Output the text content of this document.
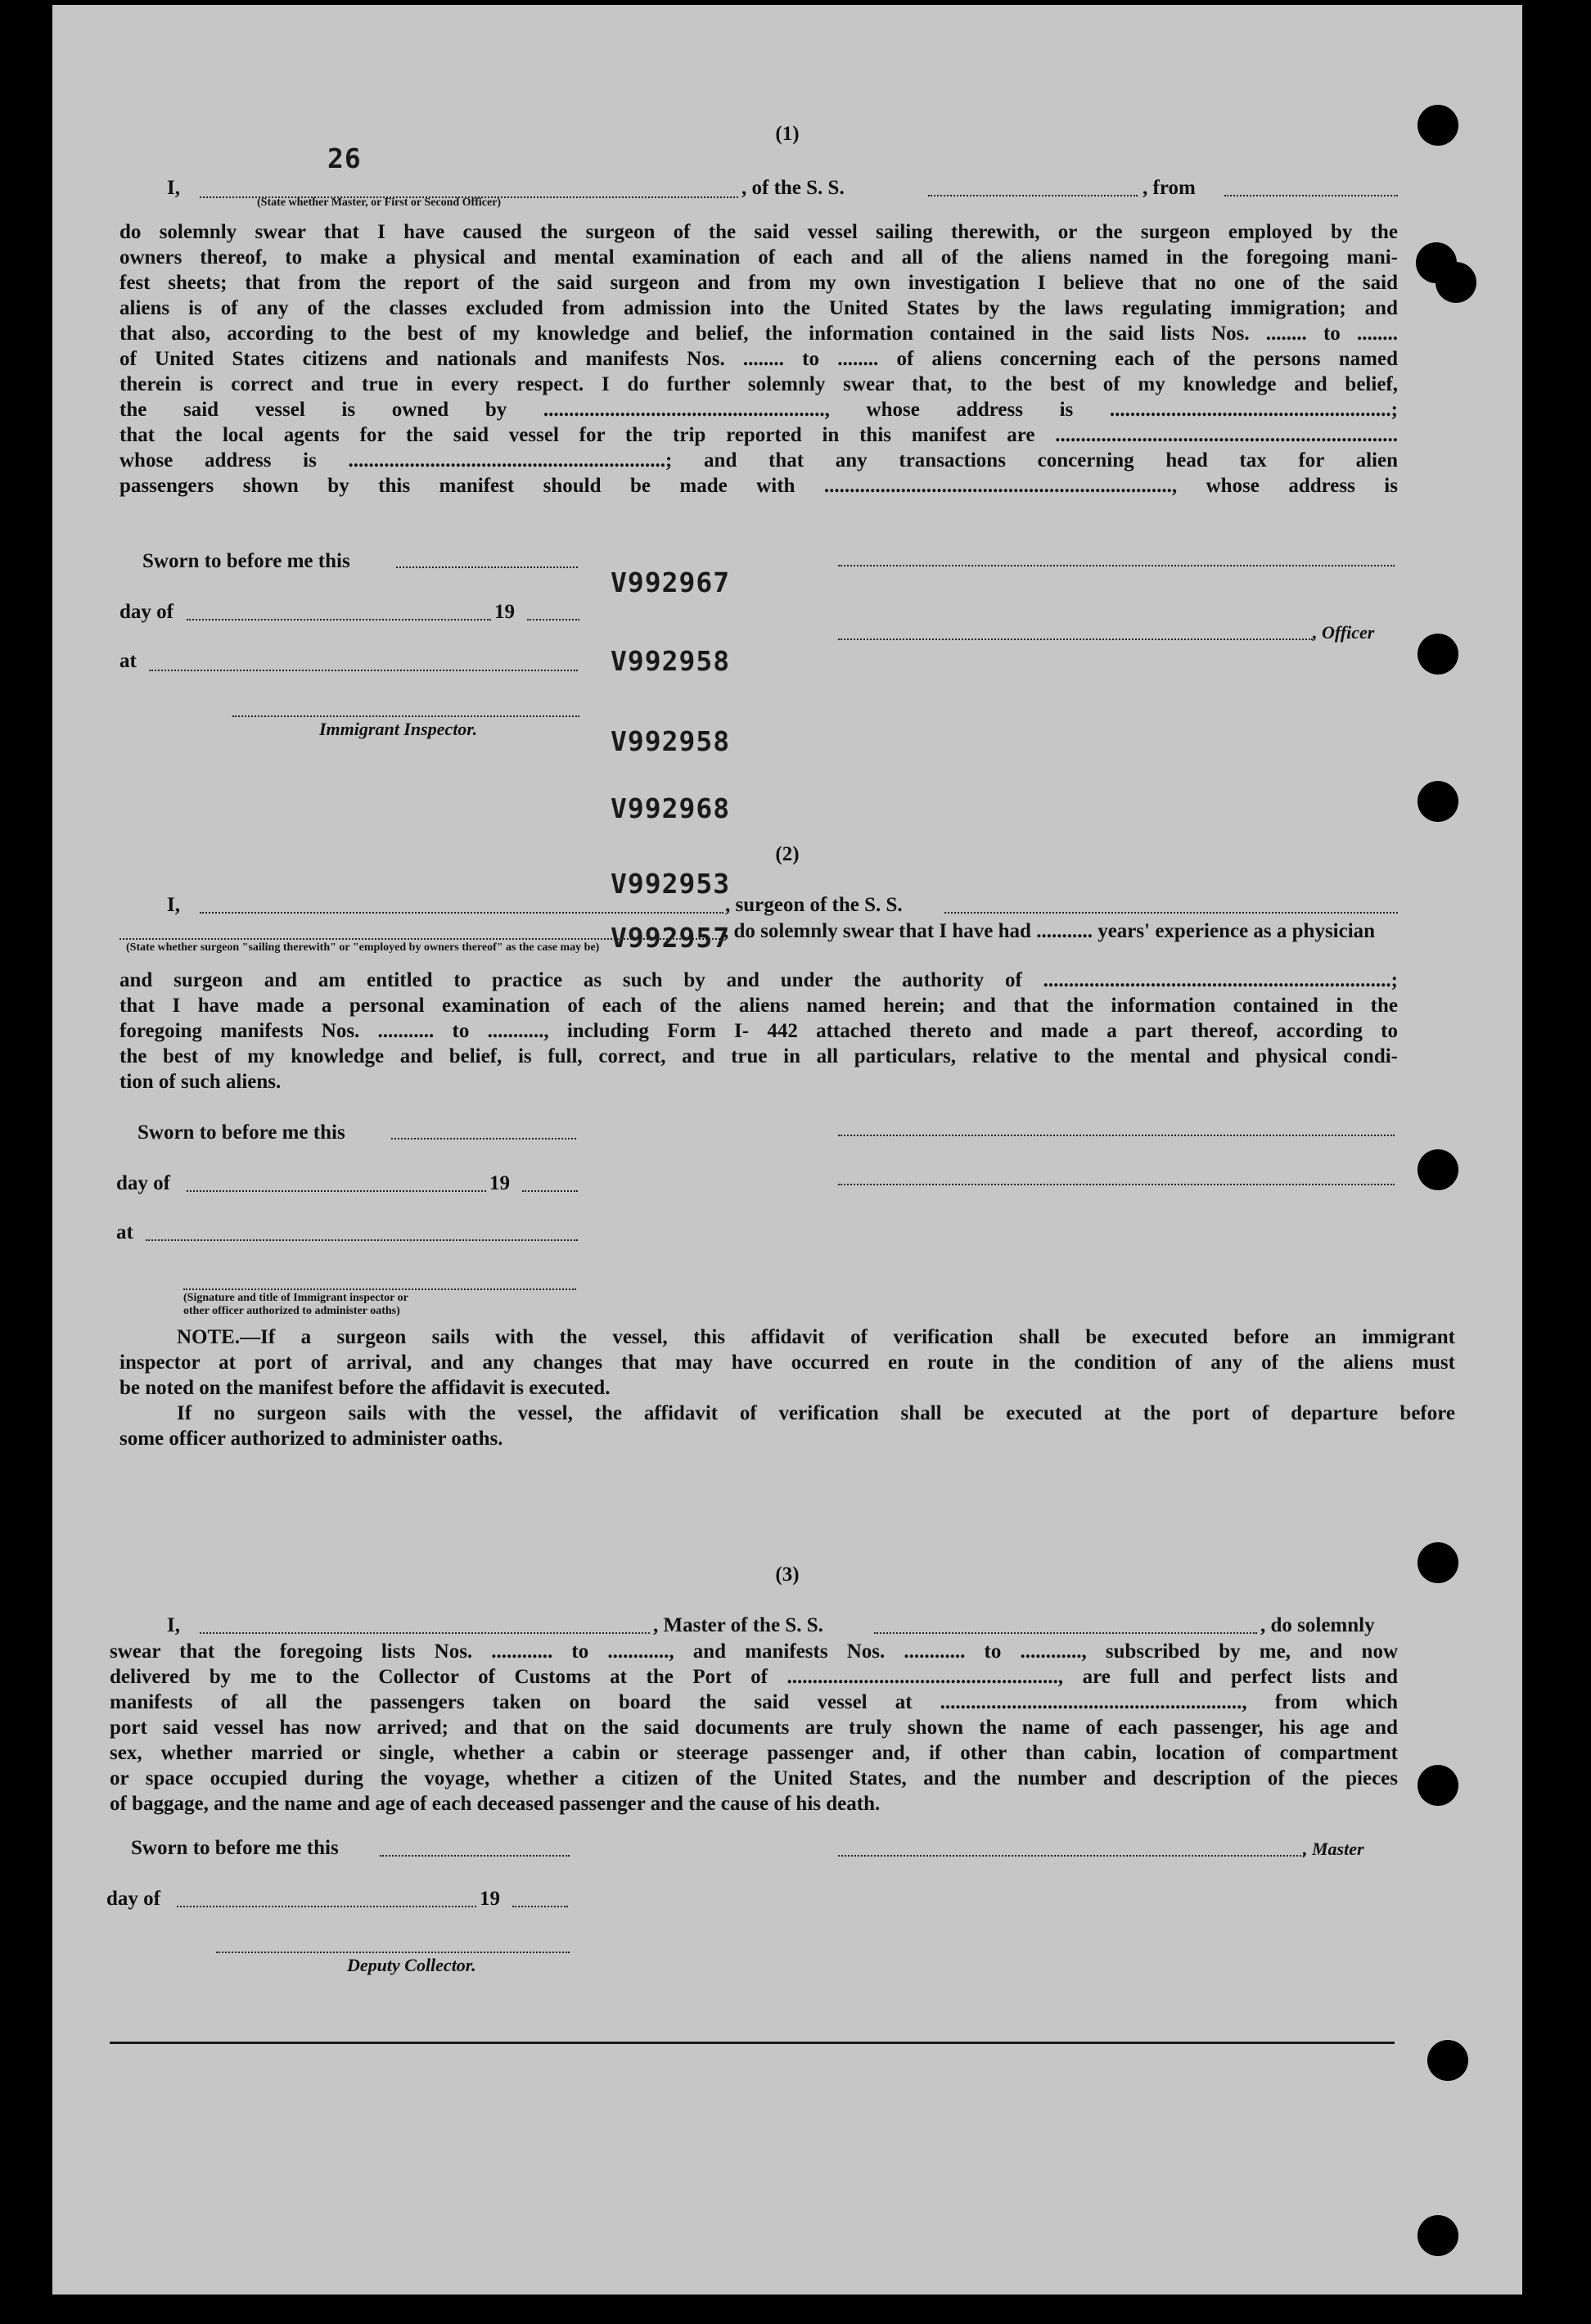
(1)
26
I,
(State whether Master, or First or Second Officer)
, of the S. S.	, from
do solemnly swear that I have caused the surgeon of the said vessel sailing therewith, or the surgeon employed by the
owners thereof, to make a physical and mental examination of each and all of the aliens named in the foregoing mani-
fest sheets; that from the report of the said surgeon and from my own investigation I believe that no one of the said
aliens is of any of the classes excluded from admission into the United States by the laws regulating immigration; and
that also, according to the best of my knowledge and belief, the information contained in the said lists Nos. ........ to ........
of United States citizens and nationals and manifests Nos. ........ to ........ of aliens concerning each of the persons named
therein is correct and true in every respect. I do further solemnly swear that, to the best of my knowledge and belief,
the said vessel is owned by ......................................................., whose address is .......................................................;
that the local agents for the said vessel for the trip reported in this manifest are ...................................................................
whose address is ..............................................................; and that any transactions concerning head tax for alien
passengers shown by this manifest should be made with ...................................................................., whose address is
Sworn to before me this
day of	19
at
Immigrant Inspector.
, Officer
V992967
V992958
V992958
V992968
V992953
V992957
(2)
I,	, surgeon of the S. S.
, do solemnly swear that I have had ........... years' experience as a physician
(State whether surgeon "sailing therewith" or "employed by owners thereof" as the case may be)
and surgeon and am entitled to practice as such by and under the authority of ....................................................................;
that I have made a personal examination of each of the aliens named herein; and that the information contained in the
foregoing manifests Nos. ........... to ..........., including Form I- 442 attached thereto and made a part thereof, according to
the best of my knowledge and belief, is full, correct, and true in all particulars, relative to the mental and physical condi-
tion of such aliens.
Sworn to before me this
day of	19
at
(Signature and title of Immigrant inspector or
other officer authorized to administer oaths)
NOTE.—If a surgeon sails with the vessel, this affidavit of verification shall be executed before an immigrant
inspector at port of arrival, and any changes that may have occurred en route in the condition of any of the aliens must
be noted on the manifest before the affidavit is executed.
If no surgeon sails with the vessel, the affidavit of verification shall be executed at the port of departure before
some officer authorized to administer oaths.
(3)
I,	, Master of the S. S.	, do solemnly
swear that the foregoing lists Nos. ............ to ............, and manifests Nos. ............ to ............, subscribed by me, and now
delivered by me to the Collector of Customs at the Port of ....................................................., are full and perfect lists and
manifests of all the passengers taken on board the said vessel at ..........................................................., from which
port said vessel has now arrived; and that on the said documents are truly shown the name of each passenger, his age and
sex, whether married or single, whether a cabin or steerage passenger and, if other than cabin, location of compartment
or space occupied during the voyage, whether a citizen of the United States, and the number and description of the pieces
of baggage, and the name and age of each deceased passenger and the cause of his death.
Sworn to before me this	, Master
day of	19
Deputy Collector.
